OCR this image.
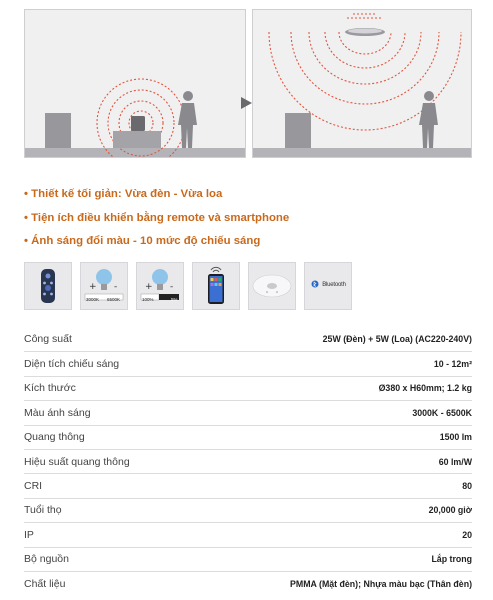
• Thiết kế tối giản: Vừa đèn - Vừa loa
• Tiện ích điều khiển bằng remote và smartphone
• Ánh sáng đổi màu - 10 mức độ chiếu sáng
+ -
3000K 6500K
+ -
100%	5%
Bluetooth
Công suất	25W (Đèn) + 5W (Loa) (AC220-240V)
Diện tích chiếu sáng	10 - 12m²
Kích thước	Ø380 x H60mm; 1.2 kg
Màu ánh sáng	3000K - 6500K
Quang thông	1500 lm
Hiệu suất quang thông	60 lm/W
CRI	80
Tuổi thọ	20,000 giờ
IP	20
Bộ nguồn	Lắp trong
Chất liệu	PMMA (Mặt đèn); Nhựa màu bạc (Thân đèn)
